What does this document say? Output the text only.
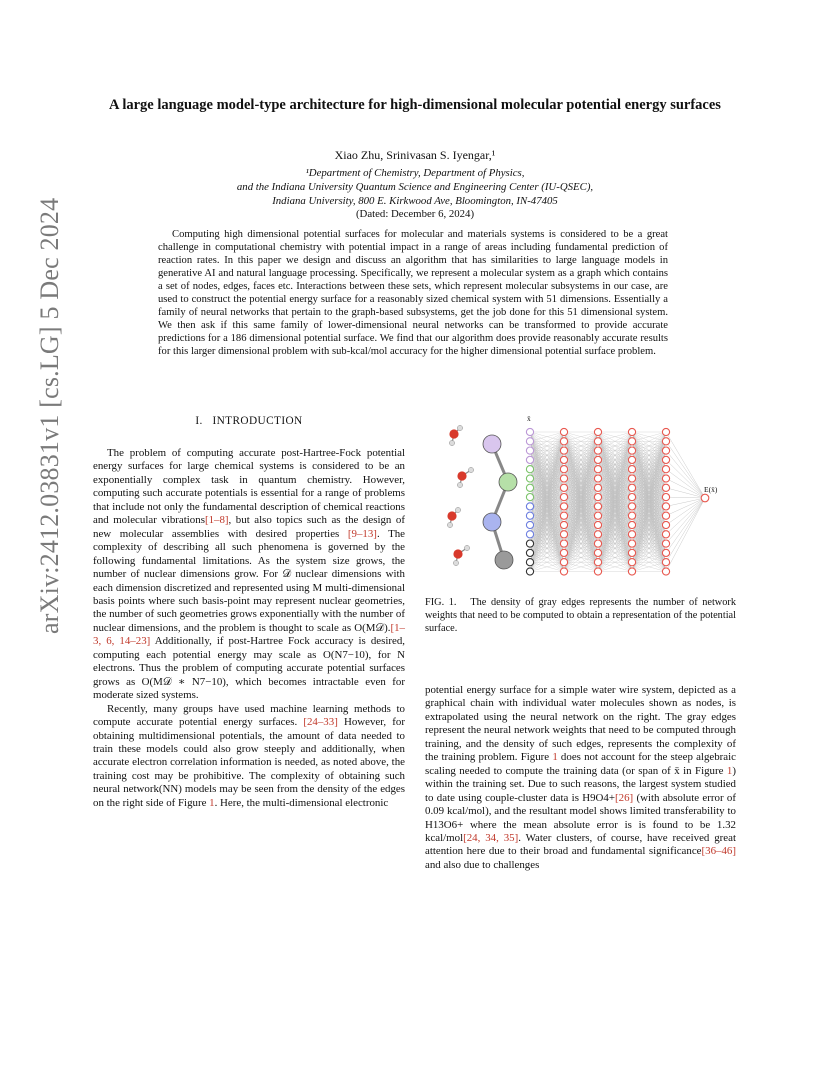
arXiv:2412.03831v1 [cs.LG] 5 Dec 2024
A large language model-type architecture for high-dimensional molecular potential energy surfaces
Xiao Zhu, Srinivasan S. Iyengar,¹
¹Department of Chemistry, Department of Physics,
and the Indiana University Quantum Science and Engineering Center (IU-QSEC),
Indiana University, 800 E. Kirkwood Ave, Bloomington, IN-47405
(Dated: December 6, 2024)
Computing high dimensional potential surfaces for molecular and materials systems is considered to be a great challenge in computational chemistry with potential impact in a range of areas including fundamental prediction of reaction rates. In this paper we design and discuss an algorithm that has similarities to large language models in generative AI and natural language processing. Specifically, we represent a molecular system as a graph which contains a set of nodes, edges, faces etc. Interactions between these sets, which represent molecular subsystems in our case, are used to construct the potential energy surface for a reasonably sized chemical system with 51 dimensions. Essentially a family of neural networks that pertain to the graph-based subsystems, get the job done for this 51 dimensional system. We then ask if this same family of lower-dimensional neural networks can be transformed to provide accurate predictions for a 186 dimensional potential surface. We find that our algorithm does provide reasonably accurate results for this larger dimensional problem with sub-kcal/mol accuracy for the higher dimensional potential surface problem.
I. INTRODUCTION

The problem of computing accurate post-Hartree-Fock potential energy surfaces for large chemical systems is considered to be an exponentially complex task in quantum chemistry. However, computing such accurate potentials is essential for a range of problems that include not only the fundamental description of chemical reactions and molecular vibrations[1–8], but also topics such as the design of new molecular assemblies with desired properties [9–13]. The complexity of describing all such phenomena is governed by the following fundamental limitations. As the system size grows, the number of nuclear dimensions grow. For 𝒟 nuclear dimensions with each dimension discretized and represented using M multi-dimensional basis points where such basis-point may represent nuclear geometries, the number of such geometries grows exponentially with the number of nuclear dimensions, and the problem is thought to scale as O(M𝒟).[1–3, 6, 14–23] Additionally, if post-Hartree Fock accuracy is desired, computing each potential energy may scale as O(N7−10), for N electrons. Thus the problem of computing accurate potential surfaces grows as O(M𝒟 ∗ N7−10), which becomes intractable even for moderate sized systems.

Recently, many groups have used machine learning methods to compute accurate potential energy surfaces. [24–33] However, for obtaining multidimensional potentials, the amount of data needed to train these models could also grow steeply and additionally, when accurate electron correlation information is needed, as noted above, the training cost may be prohibitive. The complexity of obtaining such neural network(NN) models may be seen from the density of the edges on the right side of Figure 1. Here, the multi-dimensional electronic

E(x̄)
x̄
FIG. 1. The density of gray edges represents the number of network weights that need to be computed to obtain a representation of the potential surface.

potential energy surface for a simple water wire system, depicted as a graphical chain with individual water molecules shown as nodes, is extrapolated using the neural network on the right. The gray edges represent the neural network weights that need to be computed through training, and the density of such edges, represents the complexity of the training problem. Figure 1 does not account for the steep algebraic scaling needed to compute the training data (or span of x̄ in Figure 1) within the training set. Due to such reasons, the largest system studied to date using couple-cluster data is H9O4+[26] (with absolute error of 0.09 kcal/mol), and the resultant model shows limited transferability to H13O6+ where the mean absolute error is is found to be 1.32 kcal/mol[24, 34, 35]. Water clusters, of course, have received great attention here due to their broad and fundamental significance[36–46] and also due to challenges
